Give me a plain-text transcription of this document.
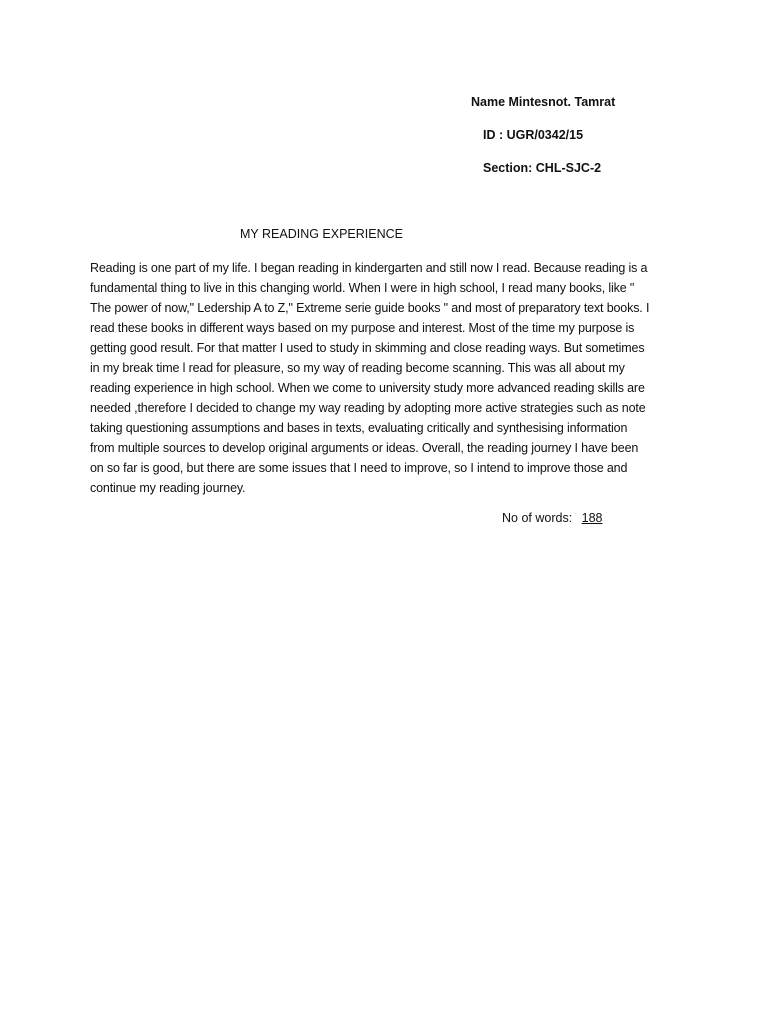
Name Mintesnot. Tamrat
ID : UGR/0342/15
Section: CHL-SJC-2
MY READING EXPERIENCE
Reading is one part of my life. I began reading in kindergarten and still now I read. Because reading is a
fundamental thing to live in this changing world. When I were in high school, I read many books, like "
The power of now," Ledership A to Z," Extreme serie guide books " and most of preparatory text books. I
read these books in different ways based on my purpose and interest. Most of the time my purpose is
getting good result. For that matter I used to study in skimming and close reading ways. But sometimes
in my break time l read for pleasure, so my way of reading become scanning. This was all about my
reading experience in high school. When we come to university study more advanced reading skills are
needed ,therefore I decided to change my way reading by adopting more active strategies such as note
taking questioning assumptions and bases in texts, evaluating critically and synthesising information
from multiple sources to develop original arguments or ideas. Overall, the reading journey I have been
on so far is good, but there are some issues that I need to improve, so I intend to improve those and
continue my reading journey.
No of words: 188
